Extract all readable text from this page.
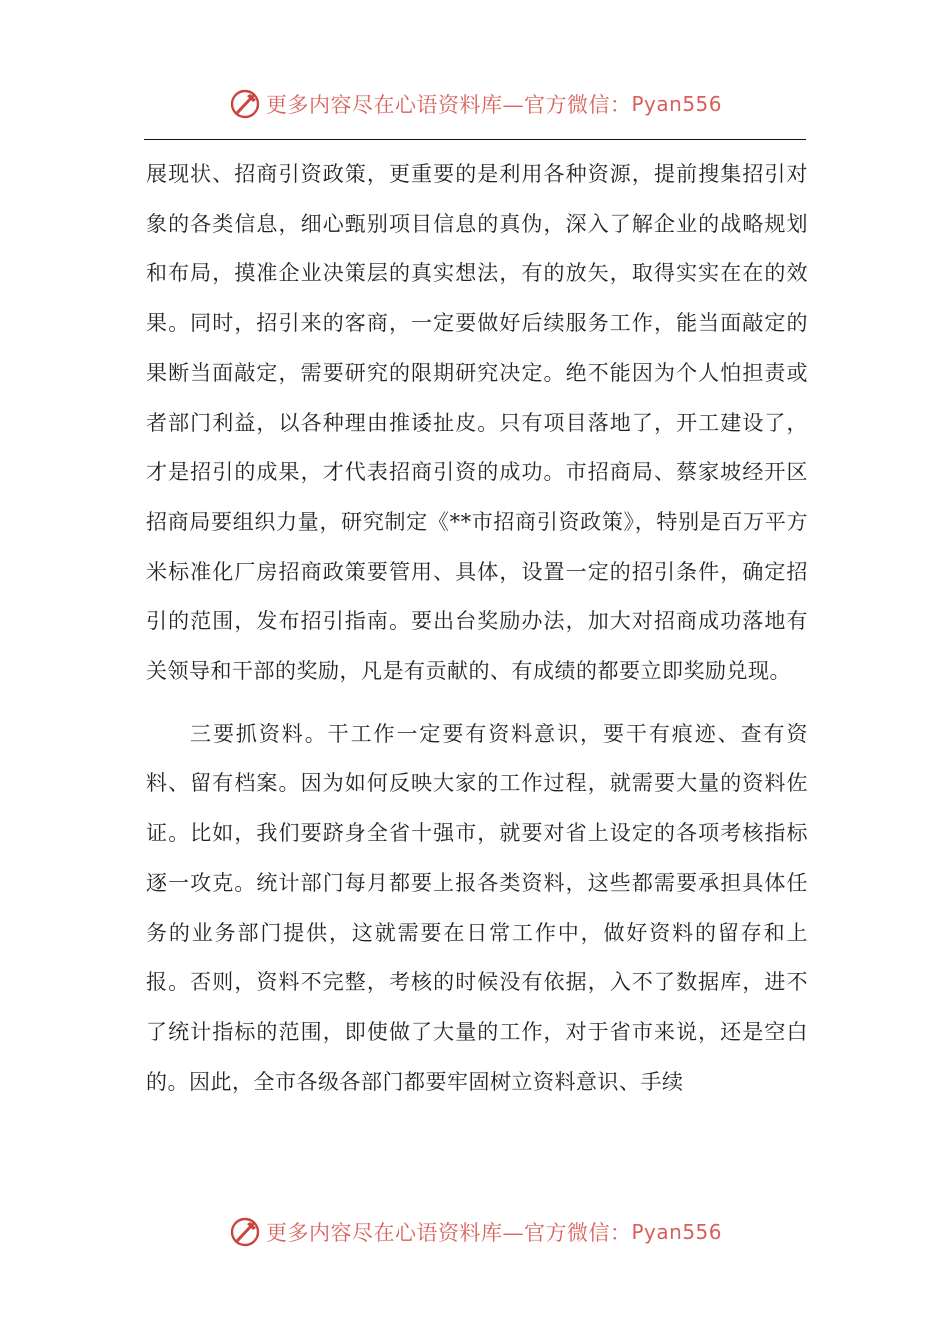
更多内容尽在心语资料库—官方微信： Pyan556

展现状、招商引资政策，更重要的是利用各种资源，提前搜集招引对象的各类信息，细心甄别项目信息的真伪，深入了解企业的战略规划和布局，摸准企业决策层的真实想法，有的放矢，取得实实在在的效果。同时，招引来的客商，一定要做好后续服务工作，能当面敲定的果断当面敲定，需要研究的限期研究决定。绝不能因为个人怕担责或者部门利益，以各种理由推诿扯皮。只有项目落地了，开工建设了，才是招引的成果，才代表招商引资的成功。市招商局、蔡家坡经开区招商局要组织力量，研究制定《**市招商引资政策》，特别是百万平方米标准化厂房招商政策要管用、具体，设置一定的招引条件，确定招引的范围，发布招引指南。要出台奖励办法，加大对招商成功落地有关领导和干部的奖励，凡是有贡献的、有成绩的都要立即奖励兑现。

三要抓资料。干工作一定要有资料意识，要干有痕迹、查有资料、留有档案。因为如何反映大家的工作过程，就需要大量的资料佐证。比如，我们要跻身全省十强市，就要对省上设定的各项考核指标逐一攻克。统计部门每月都要上报各类资料，这些都需要承担具体任务的业务部门提供，这就需要在日常工作中，做好资料的留存和上报。否则，资料不完整，考核的时候没有依据，入不了数据库，进不了统计指标的范围，即使做了大量的工作，对于省市来说，还是空白的。因此，全市各级各部门都要牢固树立资料意识、手续

更多内容尽在心语资料库—官方微信： Pyan556
